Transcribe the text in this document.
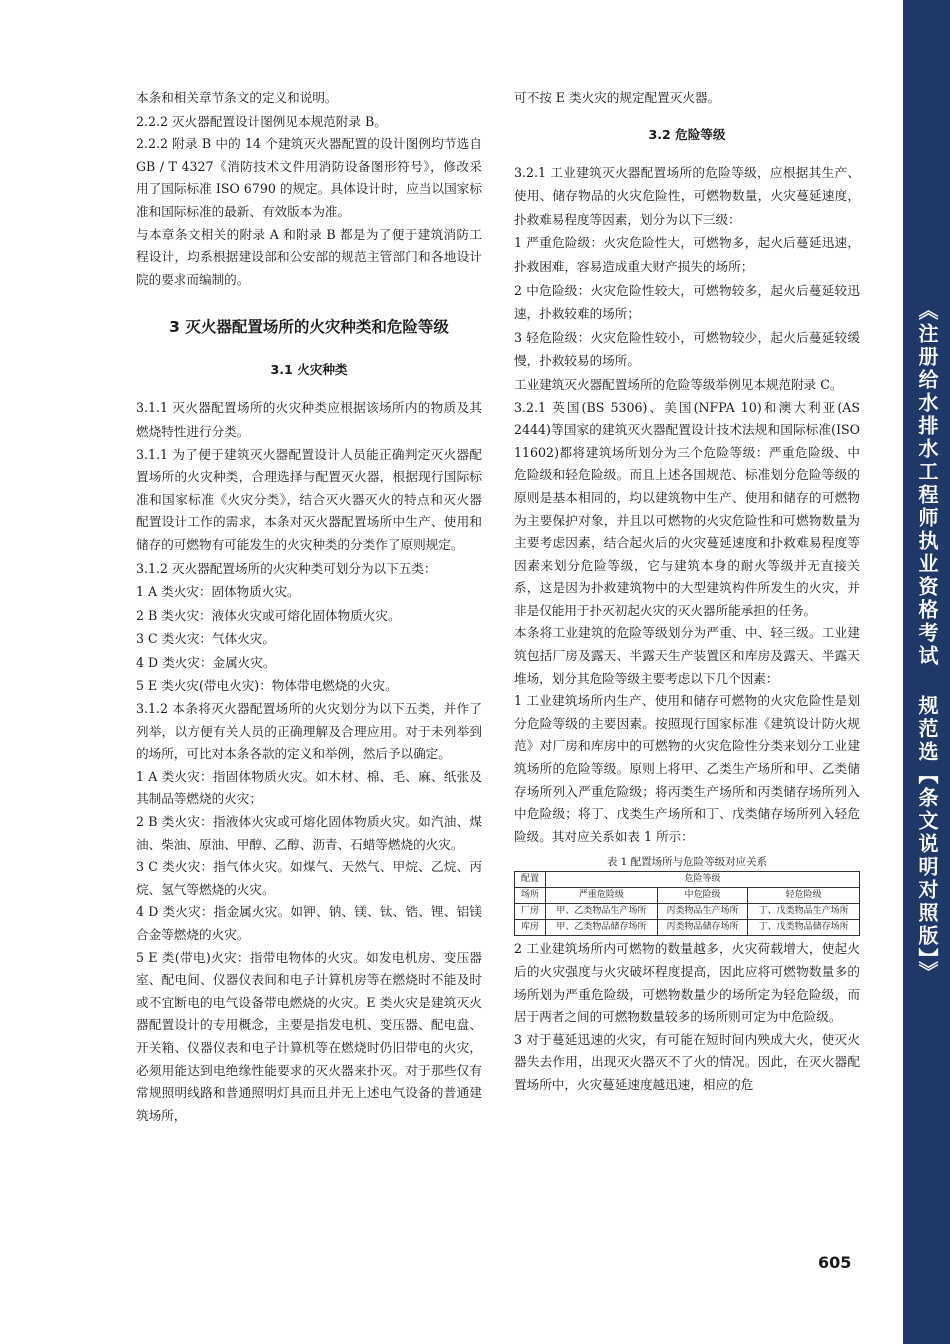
本条和相关章节条文的定义和说明。

2.2.2 灭火器配置设计图例见本规范附录 B。

2.2.2 附录 B 中的 14 个建筑灭火器配置的设计图例均节选自 GB / T 4327《消防技术文件用消防设备图形符号》，修改采用了国际标准 ISO 6790 的规定。具体设计时，应当以国家标准和国际标准的最新、有效版本为准。

与本章条文相关的附录 A 和附录 B 都是为了便于建筑消防工程设计，均系根据建设部和公安部的规范主管部门和各地设计院的要求而编制的。

3 灭火器配置场所的火灾种类和危险等级
3.1 火灾种类

3.1.1 灭火器配置场所的火灾种类应根据该场所内的物质及其燃烧特性进行分类。

3.1.1 为了便于建筑灭火器配置设计人员能正确判定灭火器配置场所的火灾种类，合理选择与配置灭火器，根据现行国际标准和国家标准《火灾分类》，结合灭火器灭火的特点和灭火器配置设计工作的需求，本条对灭火器配置场所中生产、使用和储存的可燃物有可能发生的火灾种类的分类作了原则规定。

3.1.2 灭火器配置场所的火灾种类可划分为以下五类：

1 A 类火灾：固体物质火灾。

2 B 类火灾：液体火灾或可熔化固体物质火灾。

3 C 类火灾：气体火灾。

4 D 类火灾：金属火灾。

5 E 类火灾(带电火灾)：物体带电燃烧的火灾。

3.1.2 本条将灭火器配置场所的火灾划分为以下五类，并作了列举，以方便有关人员的正确理解及合理应用。对于未列举到的场所，可比对本条各款的定义和举例，然后予以确定。

1 A 类火灾：指固体物质火灾。如木材、棉、毛、麻、纸张及其制品等燃烧的火灾；

2 B 类火灾：指液体火灾或可熔化固体物质火灾。如汽油、煤油、柴油、原油、甲醇、乙醇、沥青、石蜡等燃烧的火灾。

3 C 类火灾：指气体火灾。如煤气、天然气、甲烷、乙烷、丙烷、氢气等燃烧的火灾。

4 D 类火灾：指金属火灾。如钾、钠、镁、钛、锆、锂、铝镁合金等燃烧的火灾。

5 E 类(带电)火灾：指带电物体的火灾。如发电机房、变压器室、配电间、仪器仪表间和电子计算机房等在燃烧时不能及时或不宜断电的电气设备带电燃烧的火灾。E 类火灾是建筑灭火器配置设计的专用概念，主要是指发电机、变压器、配电盘、开关箱、仪器仪表和电子计算机等在燃烧时仍旧带电的火灾，必须用能达到电绝缘性能要求的灭火器来扑灭。对于那些仅有常规照明线路和普通照明灯具而且并无上述电气设备的普通建筑场所，

可不按 E 类火灾的规定配置灭火器。

3.2 危险等级

3.2.1 工业建筑灭火器配置场所的危险等级，应根据其生产、使用、储存物品的火灾危险性，可燃物数量，火灾蔓延速度，扑救难易程度等因素，划分为以下三级：

1 严重危险级：火灾危险性大，可燃物多，起火后蔓延迅速，扑救困难，容易造成重大财产损失的场所；

2 中危险级：火灾危险性较大，可燃物较多，起火后蔓延较迅速，扑救较难的场所；

3 轻危险级：火灾危险性较小，可燃物较少，起火后蔓延较缓慢，扑救较易的场所。

工业建筑灭火器配置场所的危险等级举例见本规范附录 C。

3.2.1 英国(BS 5306)、美国(NFPA 10)和澳大利亚(AS 2444)等国家的建筑灭火器配置设计技术法规和国际标准(ISO 11602)都将建筑场所划分为三个危险等级：严重危险级、中危险级和轻危险级。而且上述各国规范、标准划分危险等级的原则是基本相同的，均以建筑物中生产、使用和储存的可燃物为主要保护对象，并且以可燃物的火灾危险性和可燃物数量为主要考虑因素，结合起火后的火灾蔓延速度和扑救难易程度等因素来划分危险等级，它与建筑本身的耐火等级并无直接关系，这是因为扑救建筑物中的大型建筑构件所发生的火灾，并非是仅能用于扑灭初起火灾的灭火器所能承担的任务。

本条将工业建筑的危险等级划分为严重、中、轻三级。工业建筑包括厂房及露天、半露天生产装置区和库房及露天、半露天堆场，划分其危险等级主要考虑以下几个因素：

1 工业建筑场所内生产、使用和储存可燃物的火灾危险性是划分危险等级的主要因素。按照现行国家标准《建筑设计防火规范》对厂房和库房中的可燃物的火灾危险性分类来划分工业建筑场所的危险等级。原则上将甲、乙类生产场所和甲、乙类储存场所列入严重危险级；将丙类生产场所和丙类储存场所列入中危险级；将丁、戊类生产场所和丁、戊类储存场所列入轻危险级。其对应关系如表 1 所示：

表 1 配置场所与危险等级对应关系
配置	危险等级		
场所	严重危险级	中危险级	轻危险级
厂房	甲、乙类物品生产场所	丙类物品生产场所	丁、戊类物品生产场所
库房	甲、乙类物品储存场所	丙类物品储存场所	丁、戊类物品储存场所

2 工业建筑场所内可燃物的数量越多，火灾荷载增大，使起火后的火灾强度与火灾破坏程度提高，因此应将可燃物数量多的场所划为严重危险级，可燃物数量少的场所定为轻危险级，而居于两者之间的可燃物数量较多的场所则可定为中危险级。

3 对于蔓延迅速的火灾，有可能在短时间内殃成大火，使灭火器失去作用，出现灭火器灭不了火的情况。因此，在灭火器配置场所中，火灾蔓延速度越迅速，相应的危

605
《注册给水排水工程师执业资格考试 规范选【条文说明对照版】》
